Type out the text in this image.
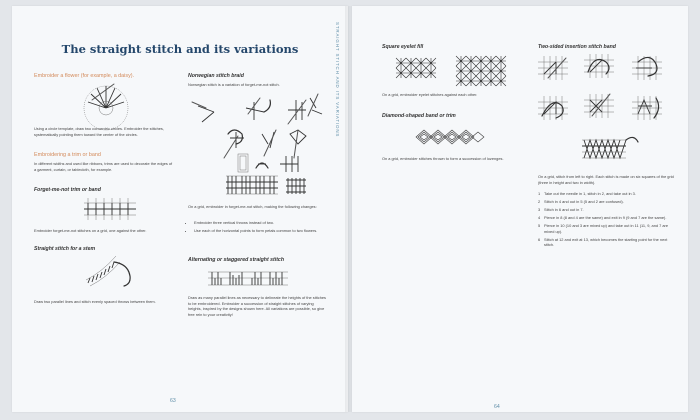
The straight stitch and its variations	STRAIGHT STITCH AND ITS VARIATIONS
Embroider a flower (for example, a daisy).
Using a circle template, draw two concentric circles. Embroider the stitches, systematically pointing them toward the center of the circles.
Embroidering a trim or band
In different widths and used like ribbons, trims are used to decorate the edges of a garment, curtain, or tablecloth, for example.
Forget-me-not trim or band
Embroider forget-me-not stitches on a grid, one against the other.
Straight stitch for a stem
Draw two parallel lines and stitch evenly spaced throws between them.
Norwegian stitch braid
Norwegian stitch is a variation of forget-me-not stitch.
On a grid, embroider in forget-me-not stitch, making the following changes:
• Embroider three vertical throws instead of two.
• Use each of the horizontal points to form petals common to two flowers.
Alternating or staggered straight stitch
Draw as many parallel lines as necessary to delineate the heights of the stitches to be embroidered. Embroider a succession of straight stitches of varying heights, inspired by the designs shown here. All variations are possible, so give free rein to your creativity!
63
Square eyelet fill
On a grid, embroider eyelet stitches against each other.
Diamond-shaped band or trim
On a grid, embroider stitches thrown to form a succession of lozenges.
Two-sided insertion stitch band
On a grid, stitch from left to right. Each stitch is made on six squares of the grid (three in height and two in width).
1 Take out the needle in 1, stitch in 2, and take out in 3.
2 Stitch in 4 and out in 5 (5 and 2 are confused).
3 Stitch in 6 and out in 7.
4 Pierce in 8 (8 and 4 are the same) and exit in 9 (9 and 7 are the same).
5 Pierce in 10 (10 and 3 are mixed up) and take out in 11 (11, 9, and 7 are mixed up).
6 Stitch at 12 and exit at 13, which becomes the starting point for the next stitch.
64
